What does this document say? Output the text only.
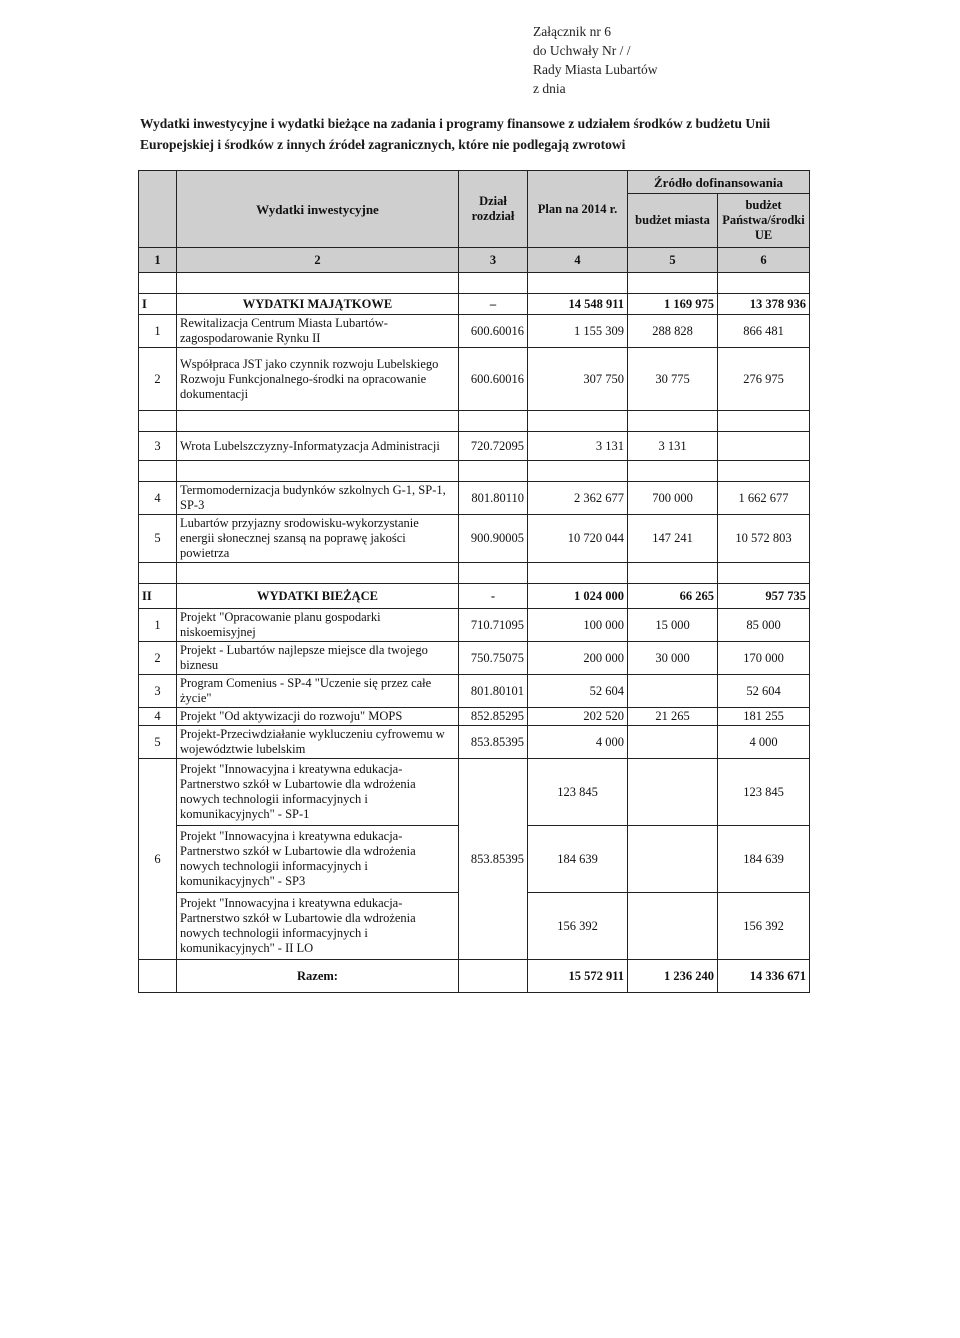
Załącznik nr 6
do Uchwały Nr / /
Rady Miasta Lubartów
z dnia
Wydatki inwestycyjne i wydatki bieżące na zadania i programy finansowe z udziałem środków z budżetu Unii Europejskiej i środków z innych źródeł zagranicznych, które nie podlegają zwrotowi
	Wydatki inwestycyjne	Dział rozdział	Plan na 2014 r.	Źródło dofinansowania	
				budżet miasta	budżet Państwa/środki UE
1	2	3	4	5	6

I	WYDATKI MAJĄTKOWE	–	14 548 911	1 169 975	13 378 936
1	Rewitalizacja Centrum Miasta Lubartów-zagospodarowanie Rynku II	600.60016	1 155 309	288 828	866 481
2	Współpraca JST jako czynnik rozwoju Lubelskiego Rozwoju Funkcjonalnego-środki na opracowanie dokumentacji	600.60016	307 750	30 775	276 975

3	Wrota Lubelszczyzny-Informatyzacja Administracji	720.72095	3 131	3 131	

4	Termomodernizacja budynków szkolnych G-1, SP-1, SP-3	801.80110	2 362 677	700 000	1 662 677
5	Lubartów przyjazny srodowisku-wykorzystanie energii słonecznej szansą na poprawę jakości powietrza	900.90005	10 720 044	147 241	10 572 803

II	WYDATKI BIEŻĄCE	-	1 024 000	66 265	957 735
1	Projekt "Opracowanie planu gospodarki niskoemisyjnej	710.71095	100 000	15 000	85 000
2	Projekt - Lubartów najlepsze miejsce dla twojego biznesu	750.75075	200 000	30 000	170 000
3	Program Comenius - SP-4 "Uczenie się przez całe życie"	801.80101	52 604		52 604
4	Projekt "Od aktywizacji do rozwoju" MOPS	852.85295	202 520	21 265	181 255
5	Projekt-Przeciwdziałanie wykluczeniu cyfrowemu w województwie lubelskim	853.85395	4 000		4 000
6	Projekt "Innowacyjna i kreatywna edukacja-Partnerstwo szkół w Lubartowie dla wdrożenia nowych technologii informacyjnych i komunikacyjnych" - SP-1	853.85395	123 845		123 845
	Projekt "Innowacyjna i kreatywna edukacja-Partnerstwo szkół w Lubartowie dla wdrożenia nowych technologii informacyjnych i komunikacyjnych" - SP3		184 639		184 639
	Projekt "Innowacyjna i kreatywna edukacja-Partnerstwo szkół w Lubartowie dla wdrożenia nowych technologii informacyjnych i komunikacyjnych" - II LO		156 392		156 392
	Razem:		15 572 911	1 236 240	14 336 671
